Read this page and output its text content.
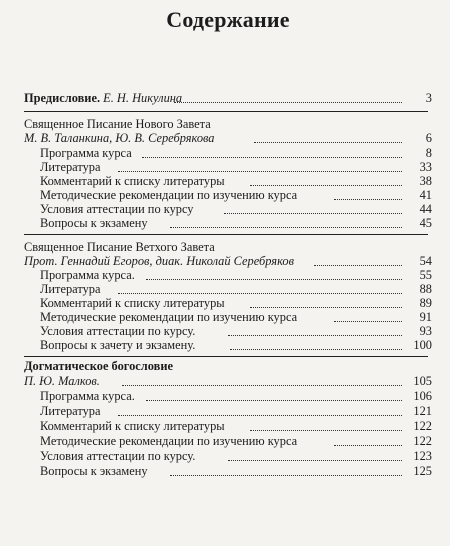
Содержание
Предисловие. Е. Н. Никулина	3
Священное Писание Нового Завета
М. В. Таланкина, Ю. В. Серебрякова	6
Программа курса	8
Литература	33
Комментарий к списку литературы	38
Методические рекомендации по изучению курса	41
Условия аттестации по курсу	44
Вопросы к экзамену	45
Священное Писание Ветхого Завета
Прот. Геннадий Егоров, диак. Николай Серебряков	54
Программа курса.	55
Литература	88
Комментарий к списку литературы	89
Методические рекомендации по изучению курса	91
Условия аттестации по курсу.	93
Вопросы к зачету и экзамену.	100
Догматическое богословие
П. Ю. Малков.	105
Программа курса.	106
Литература	121
Комментарий к списку литературы	122
Методические рекомендации по изучению курса	122
Условия аттестации по курсу.	123
Вопросы к экзамену	125
